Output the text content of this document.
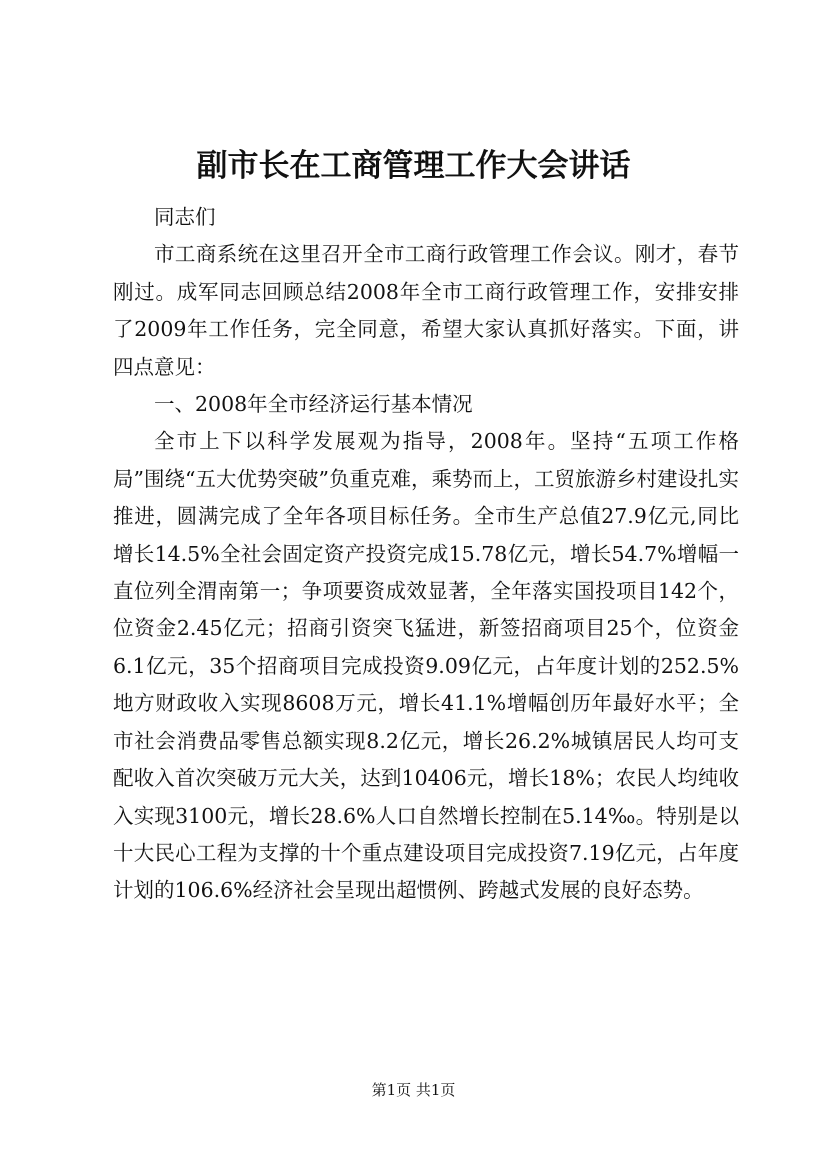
副市长在工商管理工作大会讲话

同志们

市工商系统在这里召开全市工商行政管理工作会议。刚才，春节刚过。成军同志回顾总结2008年全市工商行政管理工作，安排安排了2009年工作任务，完全同意，希望大家认真抓好落实。下面，讲四点意见：

一、2008年全市经济运行基本情况

全市上下以科学发展观为指导，2008年。坚持“五项工作格局”围绕“五大优势突破”负重克难，乘势而上，工贸旅游乡村建设扎实推进，圆满完成了全年各项目标任务。全市生产总值27.9亿元,同比增长14.5%全社会固定资产投资完成15.78亿元，增长54.7%增幅一直位列全渭南第一；争项要资成效显著，全年落实国投项目142个，位资金2.45亿元；招商引资突飞猛进，新签招商项目25个，位资金6.1亿元，35个招商项目完成投资9.09亿元，占年度计划的252.5%地方财政收入实现8608万元，增长41.1%增幅创历年最好水平；全市社会消费品零售总额实现8.2亿元，增长26.2%城镇居民人均可支配收入首次突破万元大关，达到10406元，增长18%；农民人均纯收入实现3100元，增长28.6%人口自然增长控制在5.14‰。特别是以十大民心工程为支撑的十个重点建设项目完成投资7.19亿元，占年度计划的106.6%经济社会呈现出超惯例、跨越式发展的良好态势。

第1页 共1页
